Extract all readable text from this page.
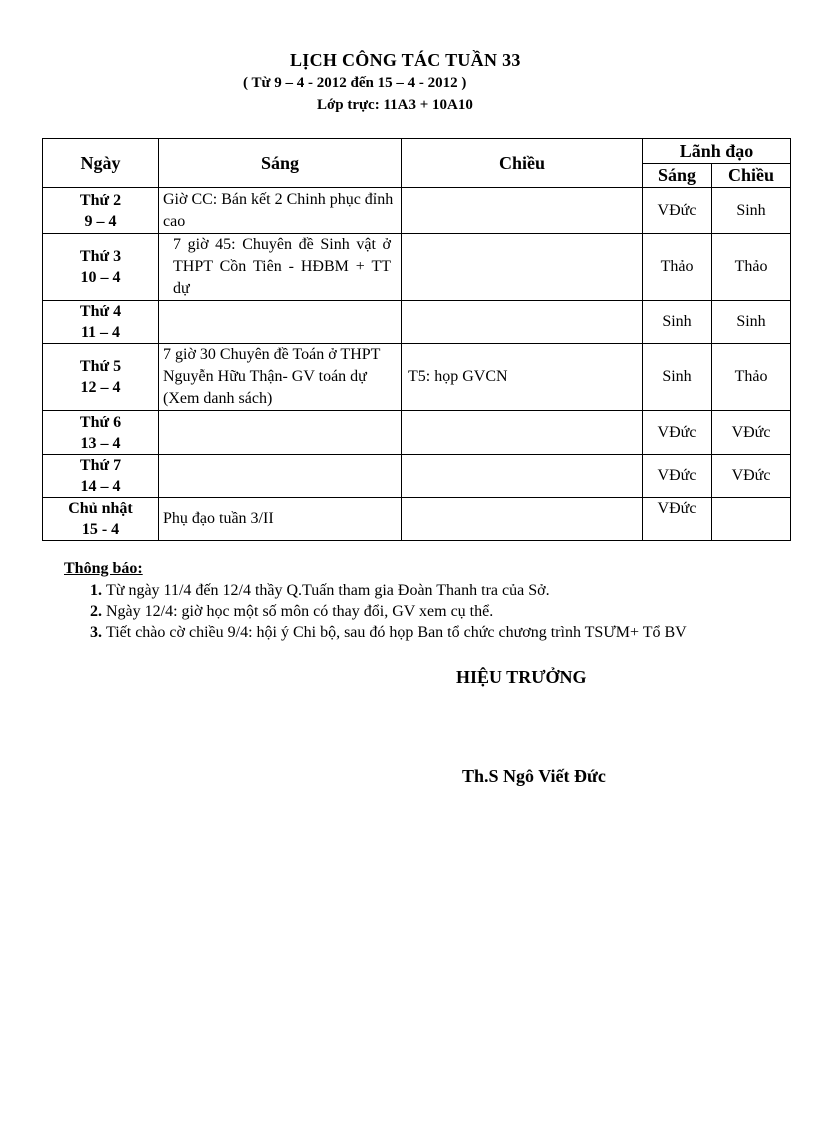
LỊCH CÔNG TÁC TUẦN 33
( Từ 9 – 4 - 2012 đến 15 – 4 - 2012 )
Lớp trực: 11A3 + 10A10
Ngày	Sáng	Chiều	Lãnh đạo	
			Sáng	Chiều

Thứ 2
9 – 4	Giờ CC: Bán kết 2 Chinh phục đỉnh cao		VĐức	Sinh

Thứ 3
10 – 4	7 giờ 45: Chuyên đề Sinh vật ở THPT Cồn Tiên - HĐBM + TT dự		Thảo	Thảo

Thứ 4
11 – 4			Sinh	Sinh

Thứ 5
12 – 4	7 giờ 30 Chuyên đề Toán ở THPT Nguyễn Hữu Thận- GV toán dự (Xem danh sách)	T5: họp GVCN	Sinh	Thảo

Thứ 6
13 – 4			VĐức	VĐức

Thứ 7
14 – 4			VĐức	VĐức

Chủ nhật
15 - 4	Phụ đạo tuần 3/II		VĐức	
Thông báo:
1. Từ ngày 11/4 đến 12/4 thầy Q.Tuấn tham gia Đoàn Thanh tra của Sở.
2. Ngày 12/4: giờ học một số môn có thay đổi, GV xem cụ thể.
3. Tiết chào cờ chiều 9/4: hội ý Chi bộ, sau đó họp Ban tổ chức chương trình TSƯM+ Tổ BV
HIỆU TRƯỞNG
Th.S Ngô Viết Đức
